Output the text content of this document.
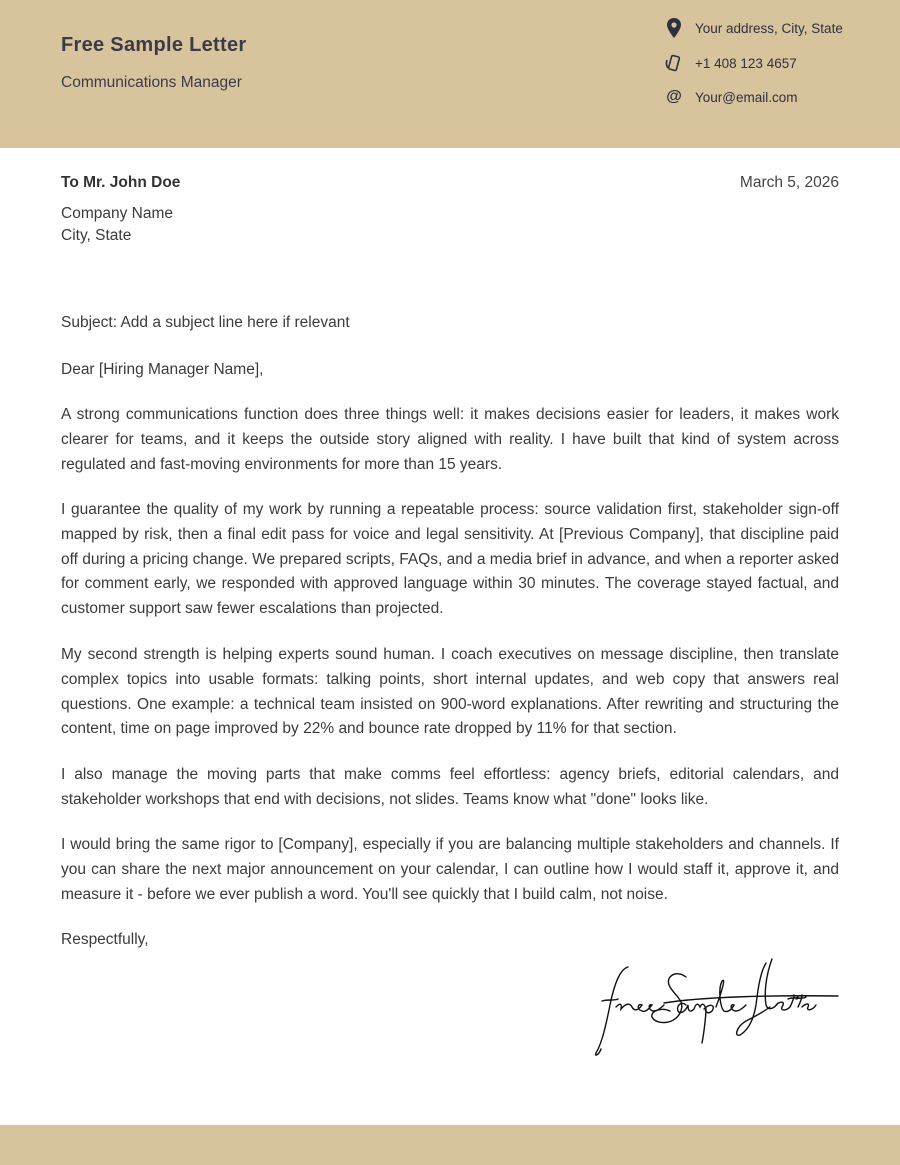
Free Sample Letter
Communications Manager
Your address, City, State
+1 408 123 4657
@ Your@email.com
To Mr. John Doe	March 5, 2026
Company Name
City, State
Subject: Add a subject line here if relevant
Dear [Hiring Manager Name],
A strong communications function does three things well: it makes decisions easier for leaders, it makes work clearer for teams, and it keeps the outside story aligned with reality. I have built that kind of system across regulated and fast-moving environments for more than 15 years.
I guarantee the quality of my work by running a repeatable process: source validation first, stakeholder sign-off mapped by risk, then a final edit pass for voice and legal sensitivity. At [Previous Company], that discipline paid off during a pricing change. We prepared scripts, FAQs, and a media brief in advance, and when a reporter asked for comment early, we responded with approved language within 30 minutes. The coverage stayed factual, and customer support saw fewer escalations than projected.
My second strength is helping experts sound human. I coach executives on message discipline, then translate complex topics into usable formats: talking points, short internal updates, and web copy that answers real questions. One example: a technical team insisted on 900-word explanations. After rewriting and structuring the content, time on page improved by 22% and bounce rate dropped by 11% for that section.
I also manage the moving parts that make comms feel effortless: agency briefs, editorial calendars, and stakeholder workshops that end with decisions, not slides. Teams know what "done" looks like.
I would bring the same rigor to [Company], especially if you are balancing multiple stakeholders and channels. If you can share the next major announcement on your calendar, I can outline how I would staff it, approve it, and measure it - before we ever publish a word. You'll see quickly that I build calm, not noise.
Respectfully,
